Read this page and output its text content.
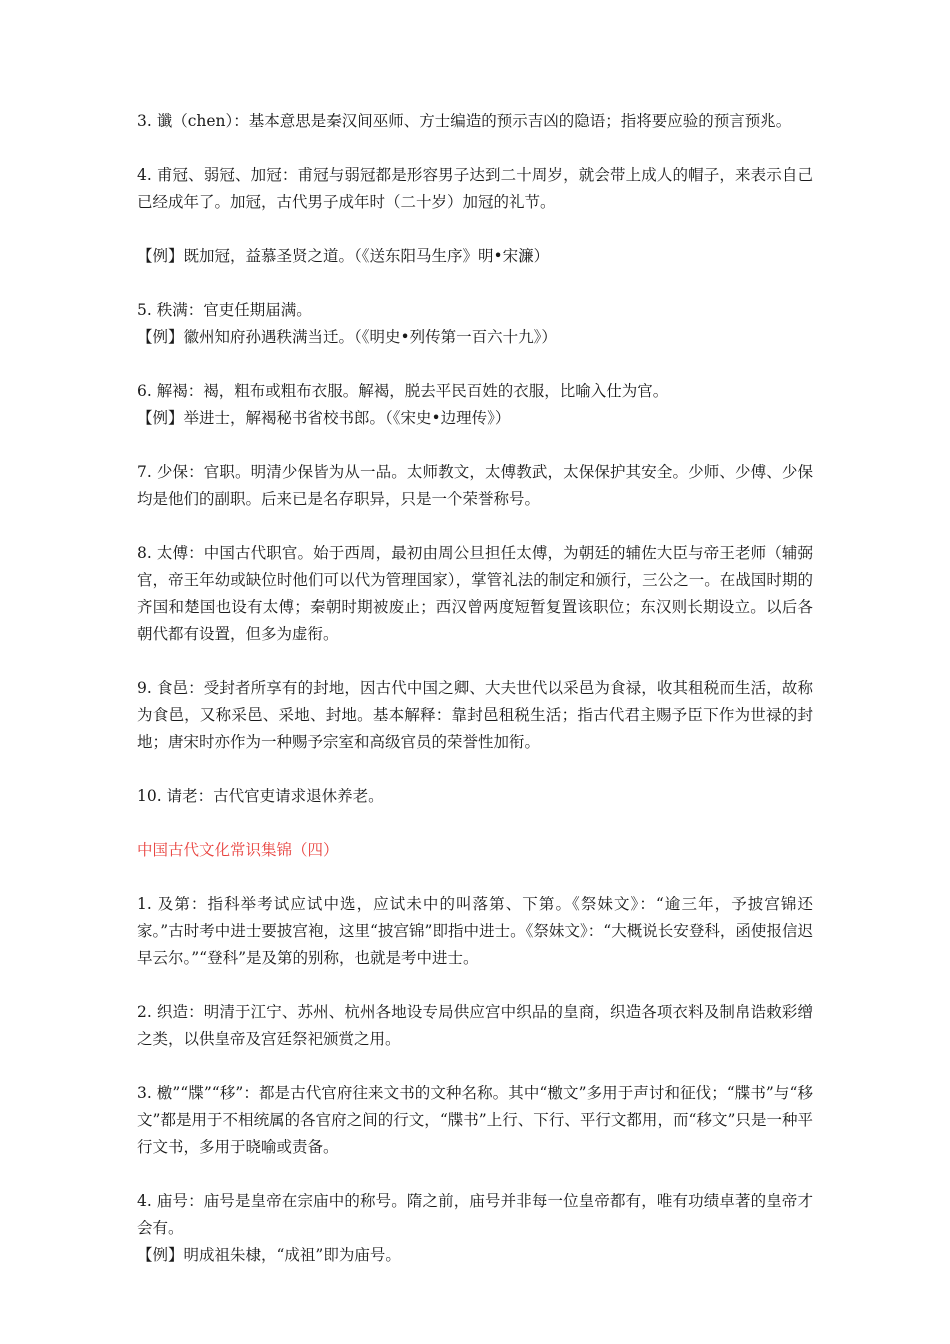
3. 谶（chen）：基本意思是秦汉间巫师、方士编造的预示吉凶的隐语；指将要应验的预言预兆。

4. 甫冠、弱冠、加冠：甫冠与弱冠都是形容男子达到二十周岁，就会带上成人的帽子，来表示自己已经成年了。加冠，古代男子成年时（二十岁）加冠的礼节。

【例】既加冠，益慕圣贤之道。（《送东阳马生序》明•宋濂）

5. 秩满：官吏任期届满。

【例】徽州知府孙遇秩满当迁。（《明史•列传第一百六十九》）

6. 解褐：褐，粗布或粗布衣服。解褐，脱去平民百姓的衣服，比喻入仕为官。

【例】举进士，解褐秘书省校书郎。（《宋史•边理传》）

7. 少保：官职。明清少保皆为从一品。太师教文，太傅教武，太保保护其安全。少师、少傅、少保均是他们的副职。后来已是名存职异，只是一个荣誉称号。

8. 太傅：中国古代职官。始于西周，最初由周公旦担任太傅，为朝廷的辅佐大臣与帝王老师（辅弼官，帝王年幼或缺位时他们可以代为管理国家），掌管礼法的制定和颁行，三公之一。在战国时期的齐国和楚国也设有太傅；秦朝时期被废止；西汉曾两度短暂复置该职位；东汉则长期设立。以后各朝代都有设置，但多为虚衔。

9. 食邑：受封者所享有的封地，因古代中国之卿、大夫世代以采邑为食禄，收其租税而生活，故称为食邑，又称采邑、采地、封地。基本解释：靠封邑租税生活；指古代君主赐予臣下作为世禄的封地；唐宋时亦作为一种赐予宗室和高级官员的荣誉性加衔。

10. 请老：古代官吏请求退休养老。

中国古代文化常识集锦（四）

1. 及第：指科举考试应试中选，应试未中的叫落第、下第。《祭妹文》：“逾三年，予披宫锦还家。”古时考中进士要披宫袍，这里“披宫锦”即指中进士。《祭妹文》：“大概说长安登科，函使报信迟早云尔。”“登科”是及第的别称，也就是考中进士。

2. 织造：明清于江宁、苏州、杭州各地设专局供应宫中织品的皇商，织造各项衣料及制帛诰敕彩缯之类，以供皇帝及宫廷祭祀颁赏之用。

3. 檄”“牒”“移”：都是古代官府往来文书的文种名称。其中“檄文”多用于声讨和征伐；“牒书”与“移文”都是用于不相统属的各官府之间的行文，“牒书”上行、下行、平行文都用，而“移文”只是一种平行文书，多用于晓喻或责备。

4. 庙号：庙号是皇帝在宗庙中的称号。隋之前，庙号并非每一位皇帝都有，唯有功绩卓著的皇帝才会有。

【例】明成祖朱棣，“成祖”即为庙号。
